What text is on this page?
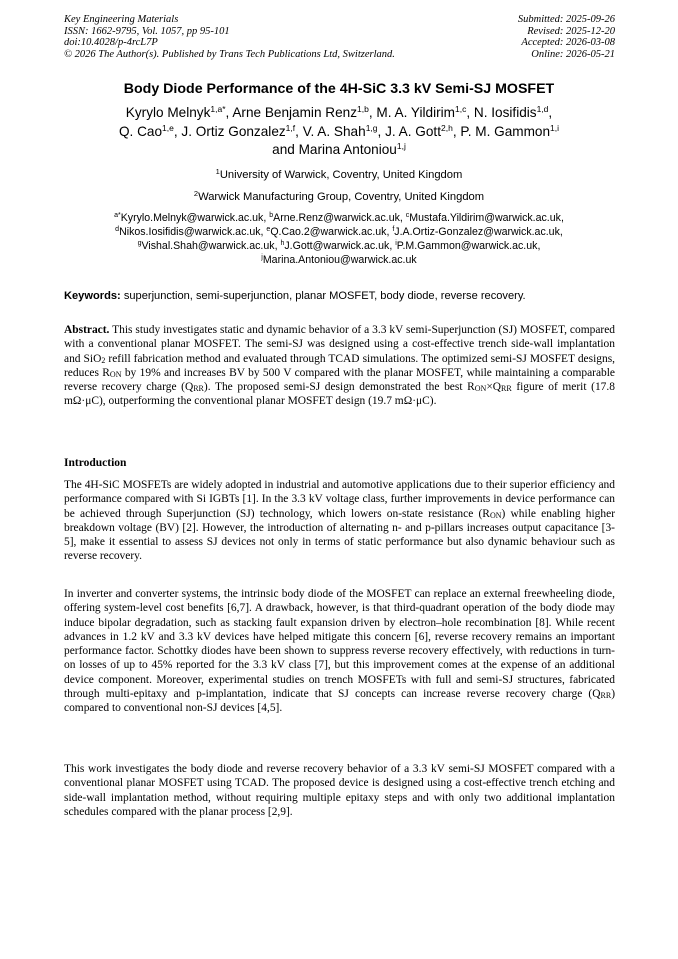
Key Engineering Materials
ISSN: 1662-9795, Vol. 1057, pp 95-101
doi:10.4028/p-4rcL7P
© 2026 The Author(s). Published by Trans Tech Publications Ltd, Switzerland.
Submitted: 2025-09-26
Revised: 2025-12-20
Accepted: 2026-03-08
Online: 2026-05-21
Body Diode Performance of the 4H-SiC 3.3 kV Semi-SJ MOSFET
Kyrylo Melnyk$^{1,a*}$, Arne Benjamin Renz$^{1,b}$, M. A. Yildirim$^{1,c}$, N. Iosifidis$^{1,d}$,
Q. Cao$^{1,e}$, J. Ortiz Gonzalez$^{1,f}$, V. A. Shah$^{1,g}$, J. A. Gott$^{2,h}$, P. M. Gammon$^{1,i}$
and Marina Antoniou$^{1,j}$
$^1$University of Warwick, Coventry, United Kingdom
$^2$Warwick Manufacturing Group, Coventry, United Kingdom
$^{a*}$Kyrylo.Melnyk@warwick.ac.uk, $^b$Arne.Renz@warwick.ac.uk, $^c$Mustafa.Yildirim@warwick.ac.uk,
$^d$Nikos.Iosifidis@warwick.ac.uk, $^e$Q.Cao.2@warwick.ac.uk, $^f$J.A.Ortiz-Gonzalez@warwick.ac.uk,
$^g$Vishal.Shah@warwick.ac.uk, $^h$J.Gott@warwick.ac.uk, $^i$P.M.Gammon@warwick.ac.uk,
$^j$Marina.Antoniou@warwick.ac.uk
Keywords: superjunction, semi-superjunction, planar MOSFET, body diode, reverse recovery.
Abstract. This study investigates static and dynamic behavior of a 3.3 kV semi-Superjunction (SJ) MOSFET, compared with a conventional planar MOSFET. The semi-SJ was designed using a cost-effective trench side-wall implantation and SiO$_2$ refill fabrication method and evaluated through TCAD simulations. The optimized semi-SJ MOSFET designs, reduces $R_{ON}$ by 19% and increases BV by 500 V compared with the planar MOSFET, while maintaining a comparable reverse recovery charge $(Q_{RR})$. The proposed semi-SJ design demonstrated the best $R_{ON}\times Q_{RR}$ figure of merit (17.8 mΩ·μC), outperforming the conventional planar MOSFET design (19.7 mΩ·μC).
Introduction
The 4H-SiC MOSFETs are widely adopted in industrial and automotive applications due to their superior efficiency and performance compared with Si IGBTs [1]. In the 3.3 kV voltage class, further improvements in device performance can be achieved through Superjunction (SJ) technology, which lowers on-state resistance $(R_{ON})$ while enabling higher breakdown voltage (BV) [2]. However, the introduction of alternating n- and p-pillars increases output capacitance [3-5], make it essential to assess SJ devices not only in terms of static performance but also dynamic behaviour such as reverse recovery.
In inverter and converter systems, the intrinsic body diode of the MOSFET can replace an external freewheeling diode, offering system-level cost benefits [6,7]. A drawback, however, is that third-quadrant operation of the body diode may induce bipolar degradation, such as stacking fault expansion driven by electron–hole recombination [8]. While recent advances in 1.2 kV and 3.3 kV devices have helped mitigate this concern [6], reverse recovery remains an important performance factor. Schottky diodes have been shown to suppress reverse recovery effectively, with reductions in turn-on losses of up to 45% reported for the 3.3 kV class [7], but this improvement comes at the expense of an additional device component. Moreover, experimental studies on trench MOSFETs with full and semi-SJ structures, fabricated through multi-epitaxy and p-implantation, indicate that SJ concepts can increase reverse recovery charge $(Q_{RR})$ compared to conventional non-SJ devices [4,5].
This work investigates the body diode and reverse recovery behavior of a 3.3 kV semi-SJ MOSFET compared with a conventional planar MOSFET using TCAD. The proposed device is designed using a cost-effective trench etching and side-wall implantation method, without requiring multiple epitaxy steps and with only two additional implantation schedules compared with the planar process [2,9].
